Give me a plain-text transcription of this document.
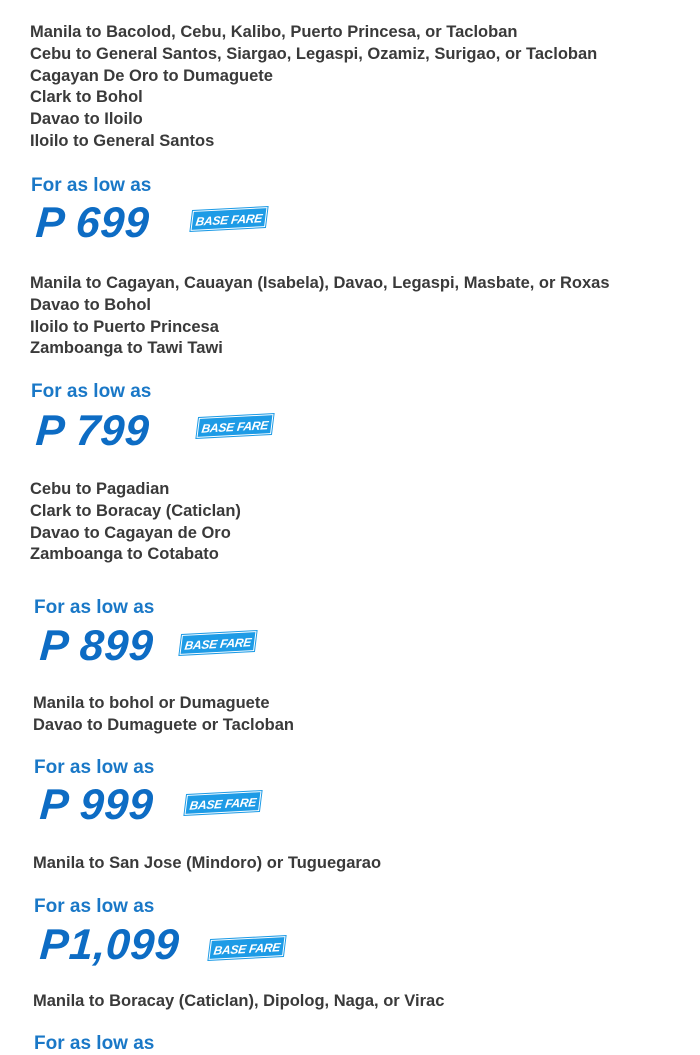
Manila to Bacolod, Cebu, Kalibo, Puerto Princesa, or Tacloban
Cebu to General Santos, Siargao, Legaspi, Ozamiz, Surigao, or Tacloban
Cagayan De Oro to Dumaguete
Clark to Bohol
Davao to Iloilo
Iloilo to General Santos

For as low as

P 699	BASE FARE
Manila to Cagayan, Cauayan (Isabela), Davao, Legaspi, Masbate, or Roxas
Davao to Bohol
Iloilo to Puerto Princesa
Zamboanga to Tawi Tawi

For as low as

P 799	BASE FARE
Cebu to Pagadian
Clark to Boracay (Caticlan)
Davao to Cagayan de Oro
Zamboanga to Cotabato

For as low as

P 899	BASE FARE
Manila to bohol or Dumaguete
Davao to Dumaguete or Tacloban

For as low as

P 999	BASE FARE
Manila to San Jose (Mindoro) or Tuguegarao

For as low as

P1,099	BASE FARE
Manila to Boracay (Caticlan), Dipolog, Naga, or Virac

For as low as
